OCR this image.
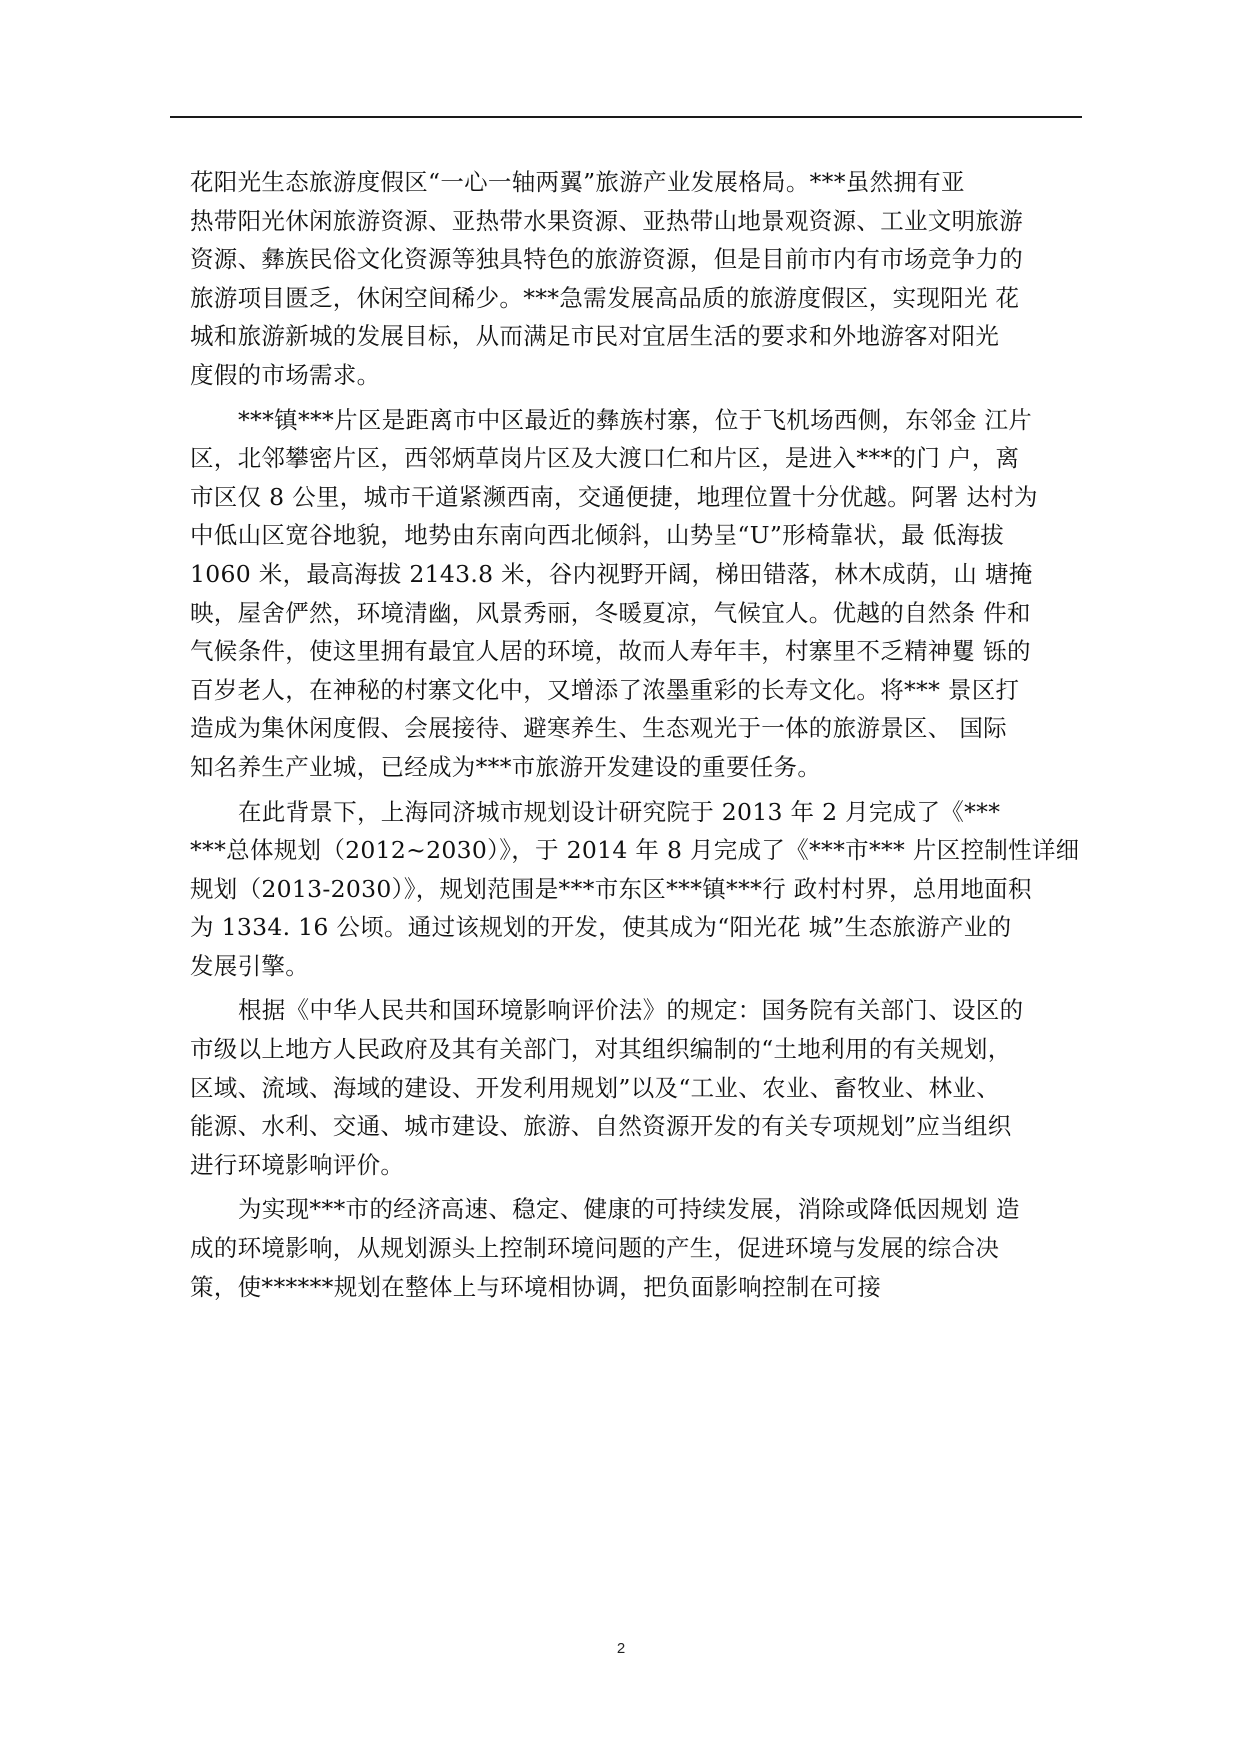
花阳光生态旅游度假区“一心一轴两翼”旅游产业发展格局。***虽然拥有亚
热带阳光休闲旅游资源、亚热带水果资源、亚热带山地景观资源、工业文明旅游
资源、彝族民俗文化资源等独具特色的旅游资源，但是目前市内有市场竞争力的
旅游项目匮乏，休闲空间稀少。***急需发展高品质的旅游度假区，实现阳光 花
城和旅游新城的发展目标，从而满足市民对宜居生活的要求和外地游客对阳光
度假的市场需求。
***镇***片区是距离市中区最近的彝族村寨，位于飞机场西侧，东邻金 江片
区，北邻攀密片区，西邻炳草岗片区及大渡口仁和片区，是进入***的门 户，离
市区仅 8 公里，城市干道紧濒西南，交通便捷，地理位置十分优越。阿署 达村为
中低山区宽谷地貌，地势由东南向西北倾斜，山势呈“U”形椅靠状，最 低海拔
1060 米，最高海拔 2143.8 米，谷内视野开阔，梯田错落，林木成荫，山 塘掩
映，屋舍俨然，环境清幽，风景秀丽，冬暖夏凉，气候宜人。优越的自然条 件和
气候条件，使这里拥有最宜人居的环境，故而人寿年丰，村寨里不乏精神矍 铄的
百岁老人，在神秘的村寨文化中，又增添了浓墨重彩的长寿文化。将*** 景区打
造成为集休闲度假、会展接待、避寒养生、生态观光于一体的旅游景区、 国际
知名养生产业城，已经成为***市旅游开发建设的重要任务。
在此背景下，上海同济城市规划设计研究院于 2013 年 2 月完成了《***
***总体规划（2012~2030）》，于 2014 年 8 月完成了《***市*** 片区控制性详细
规划（2013-2030）》，规划范围是***市东区***镇***行 政村村界，总用地面积
为 1334. 16 公顷。通过该规划的开发，使其成为“阳光花 城”生态旅游产业的
发展引擎。
根据《中华人民共和国环境影响评价法》的规定：国务院有关部门、设区的
市级以上地方人民政府及其有关部门，对其组织编制的“土地利用的有关规划，
区域、流域、海域的建设、开发利用规划”以及“工业、农业、畜牧业、林业、
能源、水利、交通、城市建设、旅游、自然资源开发的有关专项规划”应当组织
进行环境影响评价。
为实现***市的经济高速、稳定、健康的可持续发展，消除或降低因规划 造
成的环境影响，从规划源头上控制环境问题的产生，促进环境与发展的综合决
策，使******规划在整体上与环境相协调，把负面影响控制在可接
2
